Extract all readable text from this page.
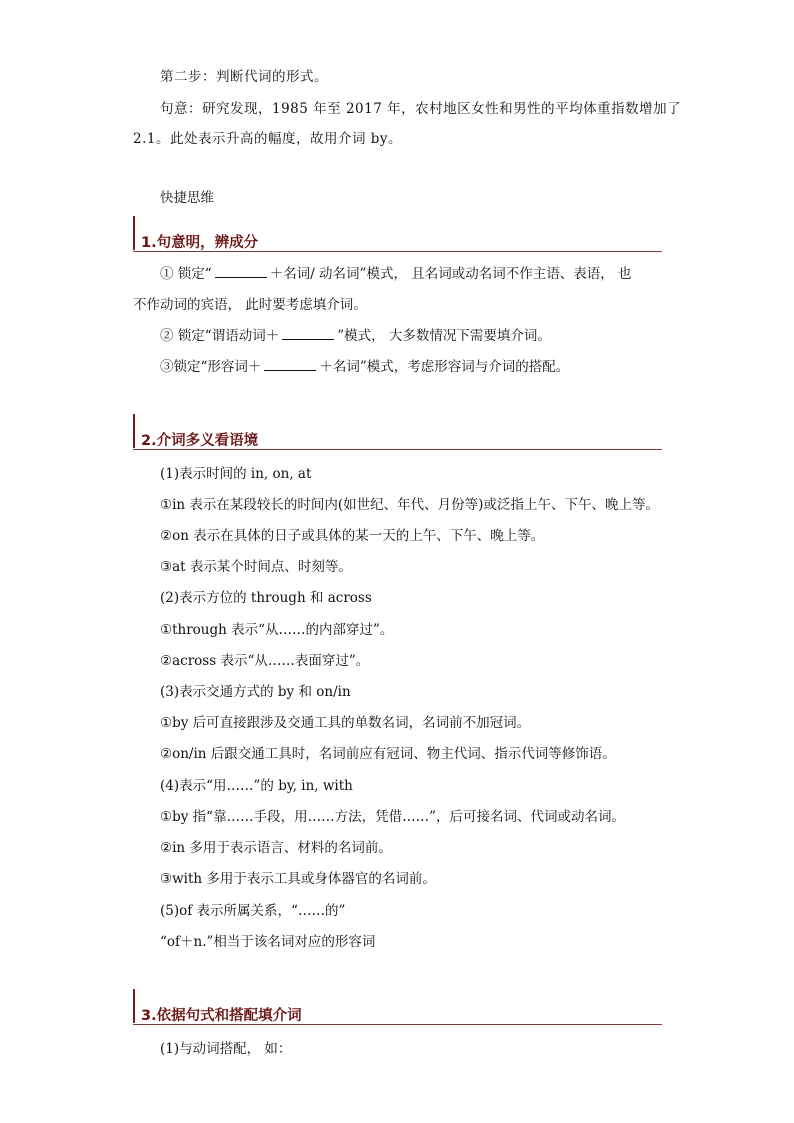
第二步：判断代词的形式。
句意：研究发现，1985 年至 2017 年，农村地区女性和男性的平均体重指数增加了
2.1。此处表示升高的幅度，故用介词 by。
快捷思维
1.句意明，辨成分
① 锁定“	＋名词/ 动名词”模式， 且名词或动名词不作主语、表语， 也
不作动词的宾语， 此时要考虑填介词。
② 锁定“谓语动词＋	”模式， 大多数情况下需要填介词。
③锁定“形容词＋	＋名词”模式，考虑形容词与介词的搭配。
2.介词多义看语境
(1)表示时间的 in, on, at
①in 表示在某段较长的时间内(如世纪、年代、月份等)或泛指上午、下午、晚上等。
②on 表示在具体的日子或具体的某一天的上午、下午、晚上等。
③at 表示某个时间点、时刻等。
(2)表示方位的 through 和 across
①through 表示“从……的内部穿过”。
②across 表示“从……表面穿过”。
(3)表示交通方式的 by 和 on/in
①by 后可直接跟涉及交通工具的单数名词，名词前不加冠词。
②on/in 后跟交通工具时，名词前应有冠词、物主代词、指示代词等修饰语。
(4)表示“用……”的 by, in, with
①by 指“靠……手段，用……方法，凭借……”，后可接名词、代词或动名词。
②in 多用于表示语言、材料的名词前。
③with 多用于表示工具或身体器官的名词前。
(5)of 表示所属关系，“……的”
“of＋n.”相当于该名词对应的形容词
3.依据句式和搭配填介词
(1)与动词搭配， 如：
